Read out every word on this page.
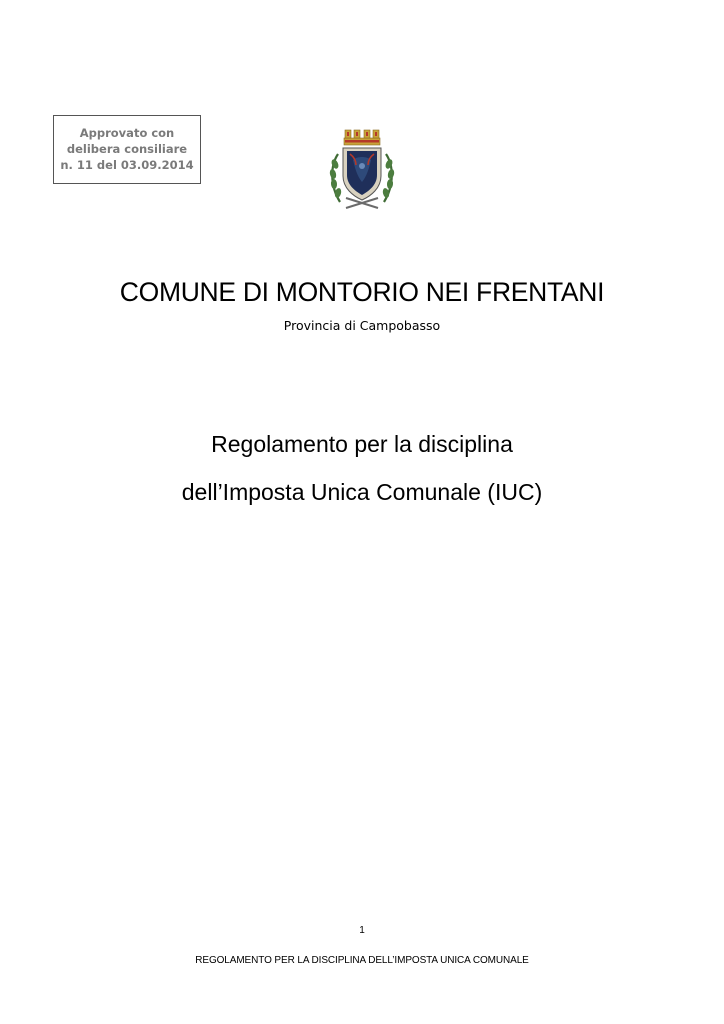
Approvato con
delibera consiliare
n. 11 del 03.09.2014
COMUNE DI MONTORIO NEI FRENTANI
Provincia di Campobasso
Regolamento per la disciplina
dell’Imposta Unica Comunale (IUC)
1
REGOLAMENTO PER LA DISCIPLINA DELL’IMPOSTA UNICA COMUNALE
